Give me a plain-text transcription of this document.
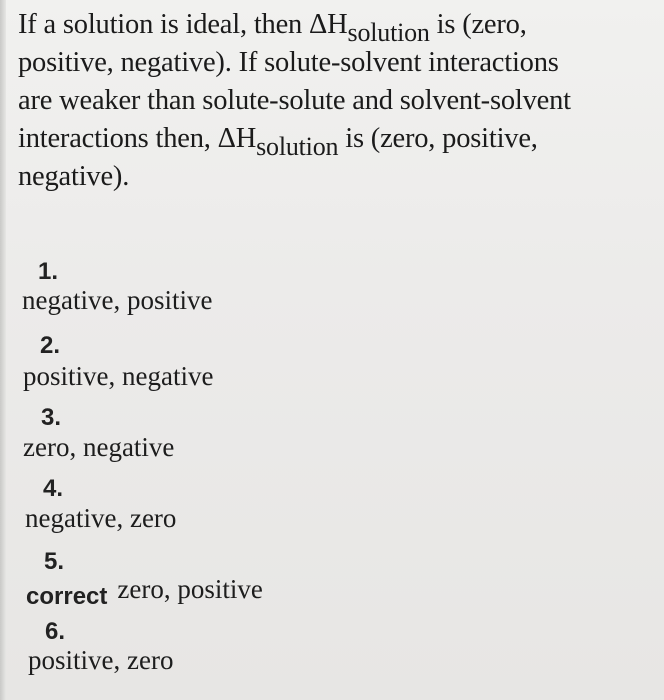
If a solution is ideal, then ΔHsolution is (zero,
positive, negative). If solute-solvent interactions
are weaker than solute-solute and solvent-solvent
interactions then, ΔHsolution is (zero, positive,
negative).
1.
negative, positive
2.
positive, negative
3.
zero, negative
4.
negative, zero
5.
correct zero, positive
6.
positive, zero
